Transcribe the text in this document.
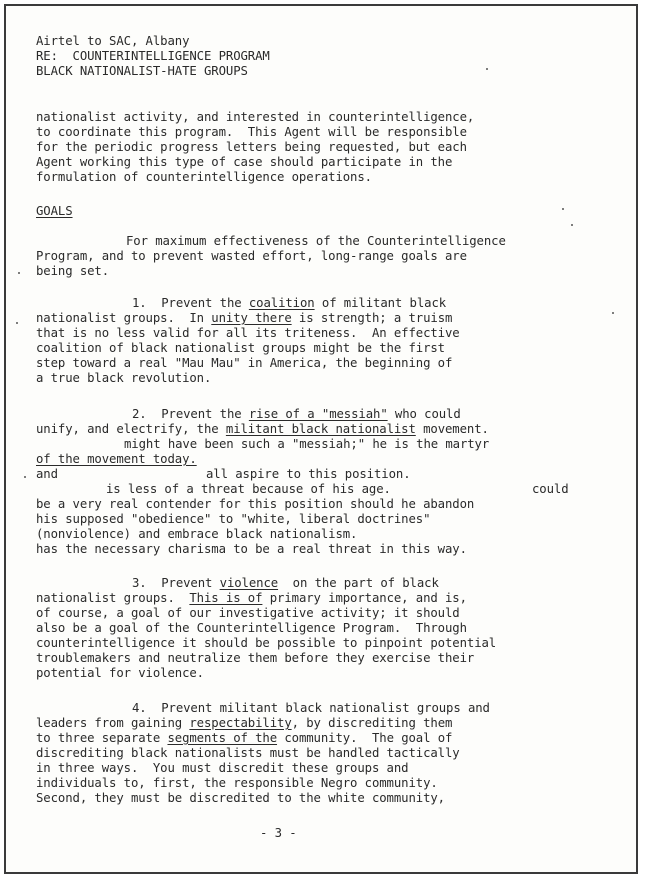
Airtel to SAC, Albany
RE:  COUNTERINTELLIGENCE PROGRAM
BLACK NATIONALIST-HATE GROUPS
nationalist activity, and interested in counterintelligence,
to coordinate this program.  This Agent will be responsible
for the periodic progress letters being requested, but each
Agent working this type of case should participate in the
formulation of counterintelligence operations.
GOALS
For maximum effectiveness of the Counterintelligence
Program, and to prevent wasted effort, long-range goals are
being set.
1.  Prevent the coalition of militant black
nationalist groups.  In unity there is strength; a truism
that is no less valid for all its triteness.  An effective
coalition of black nationalist groups might be the first
step toward a real "Mau Mau" in America, the beginning of
a true black revolution.
2.  Prevent the rise of a "messiah" who could
unify, and electrify, the militant black nationalist movement.
might have been such a "messiah;" he is the martyr
of the movement today.
and	all aspire to this position.
is less of a threat because of his age.	could
be a very real contender for this position should he abandon
his supposed "obedience" to "white, liberal doctrines"
(nonviolence) and embrace black nationalism.
has the necessary charisma to be a real threat in this way.
3.  Prevent violence  on the part of black
nationalist groups.  This is of primary importance, and is,
of course, a goal of our investigative activity; it should
also be a goal of the Counterintelligence Program.  Through
counterintelligence it should be possible to pinpoint potential
troublemakers and neutralize them before they exercise their
potential for violence.
4.  Prevent militant black nationalist groups and
leaders from gaining respectability, by discrediting them
to three separate segments of the community.  The goal of
discrediting black nationalists must be handled tactically
in three ways.  You must discredit these groups and
individuals to, first, the responsible Negro community.
Second, they must be discredited to the white community,
- 3 -
